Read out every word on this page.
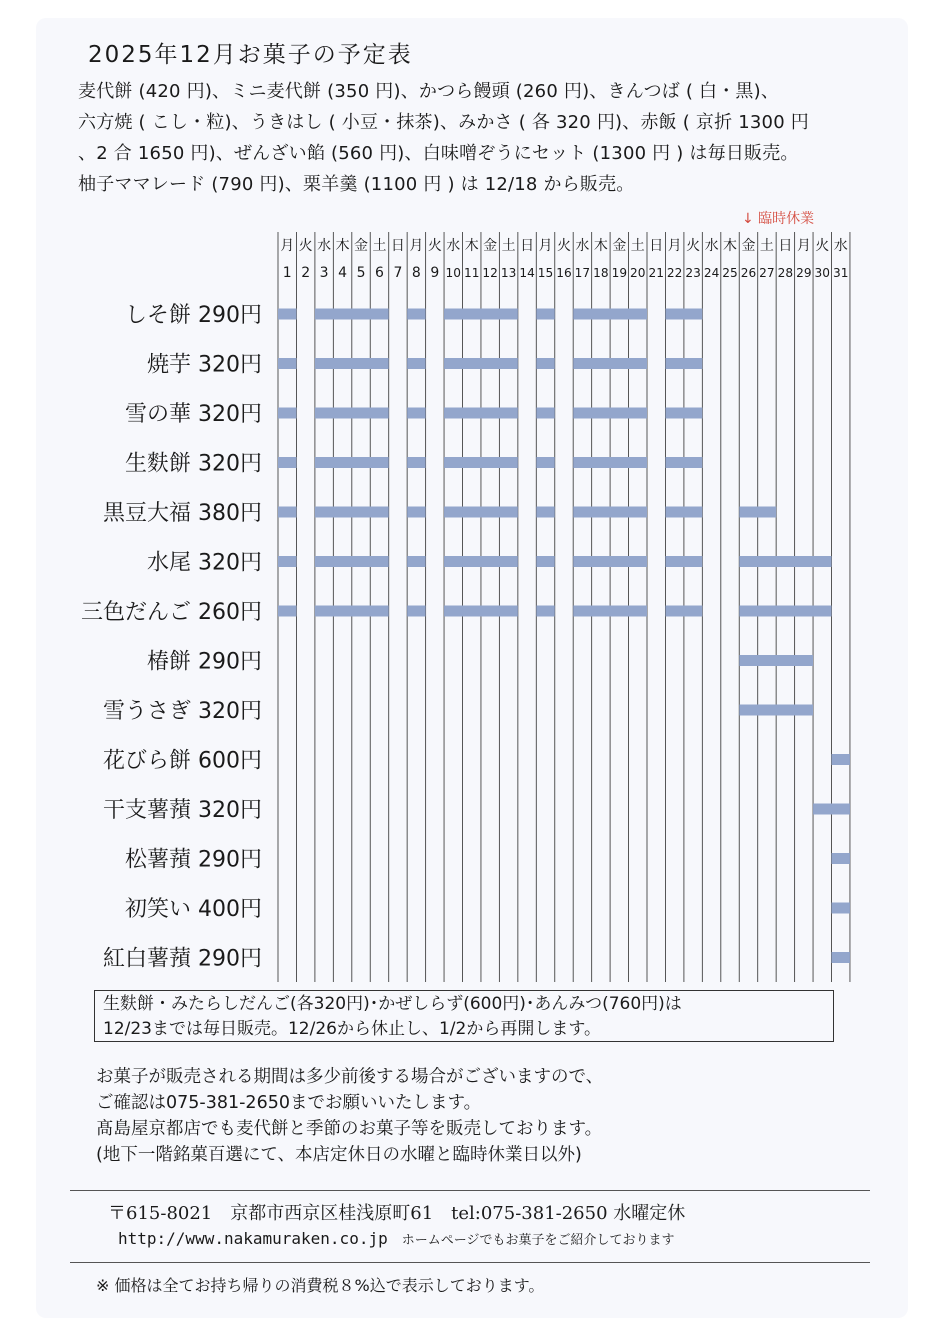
2025年12月お菓子の予定表
麦代餅 (420 円)、ミニ麦代餅 (350 円)、かつら饅頭 (260 円)、きんつば ( 白・黒)、
六方焼 ( こし・粒)、うきはし ( 小豆・抹茶)、みかさ ( 各 320 円)、赤飯 ( 京折 1300 円
、2 合 1650 円)、ぜんざい餡 (560 円)、白味噌ぞうにセット (1300 円 ) は毎日販売。
柚子ママレード (790 円)、栗羊羹 (1100 円 ) は 12/18 から販売。
↓ 臨時休業
月
1
火
2
水
3
木
4
金
5
土
6
日
7
月
8
火
9
水
10
木
11
金
12
土
13
日
14
月
15
火
16
水
17
木
18
金
19
土
20
日
21
月
22
火
23
水
24
木
25
金
26
土
27
日
28
月
29
火
30
水
31
しそ餅 290円
焼芋 320円
雪の華 320円
生麩餅 320円
黒豆大福 380円
水尾 320円
三色だんご 260円
椿餅 290円
雪うさぎ 320円
花びら餅 600円
干支薯蕷 320円
松薯蕷 290円
初笑い 400円
紅白薯蕷 290円
生麩餅・みたらしだんご(各320円)･かぜしらず(600円)･あんみつ(760円)は
12/23までは毎日販売。12/26から休止し、1/2から再開します。
お菓子が販売される期間は多少前後する場合がございますので、
ご確認は075-381-2650までお願いいたします。
髙島屋京都店でも麦代餅と季節のお菓子等を販売しております。
(地下一階銘菓百選にて、本店定休日の水曜と臨時休業日以外)
〒615-8021　京都市西京区桂浅原町61　tel:075-381-2650 水曜定休
http://www.nakamuraken.co.jp ホームページでもお菓子をご紹介しております
※ 価格は全てお持ち帰りの消費税８%込で表示しております。
